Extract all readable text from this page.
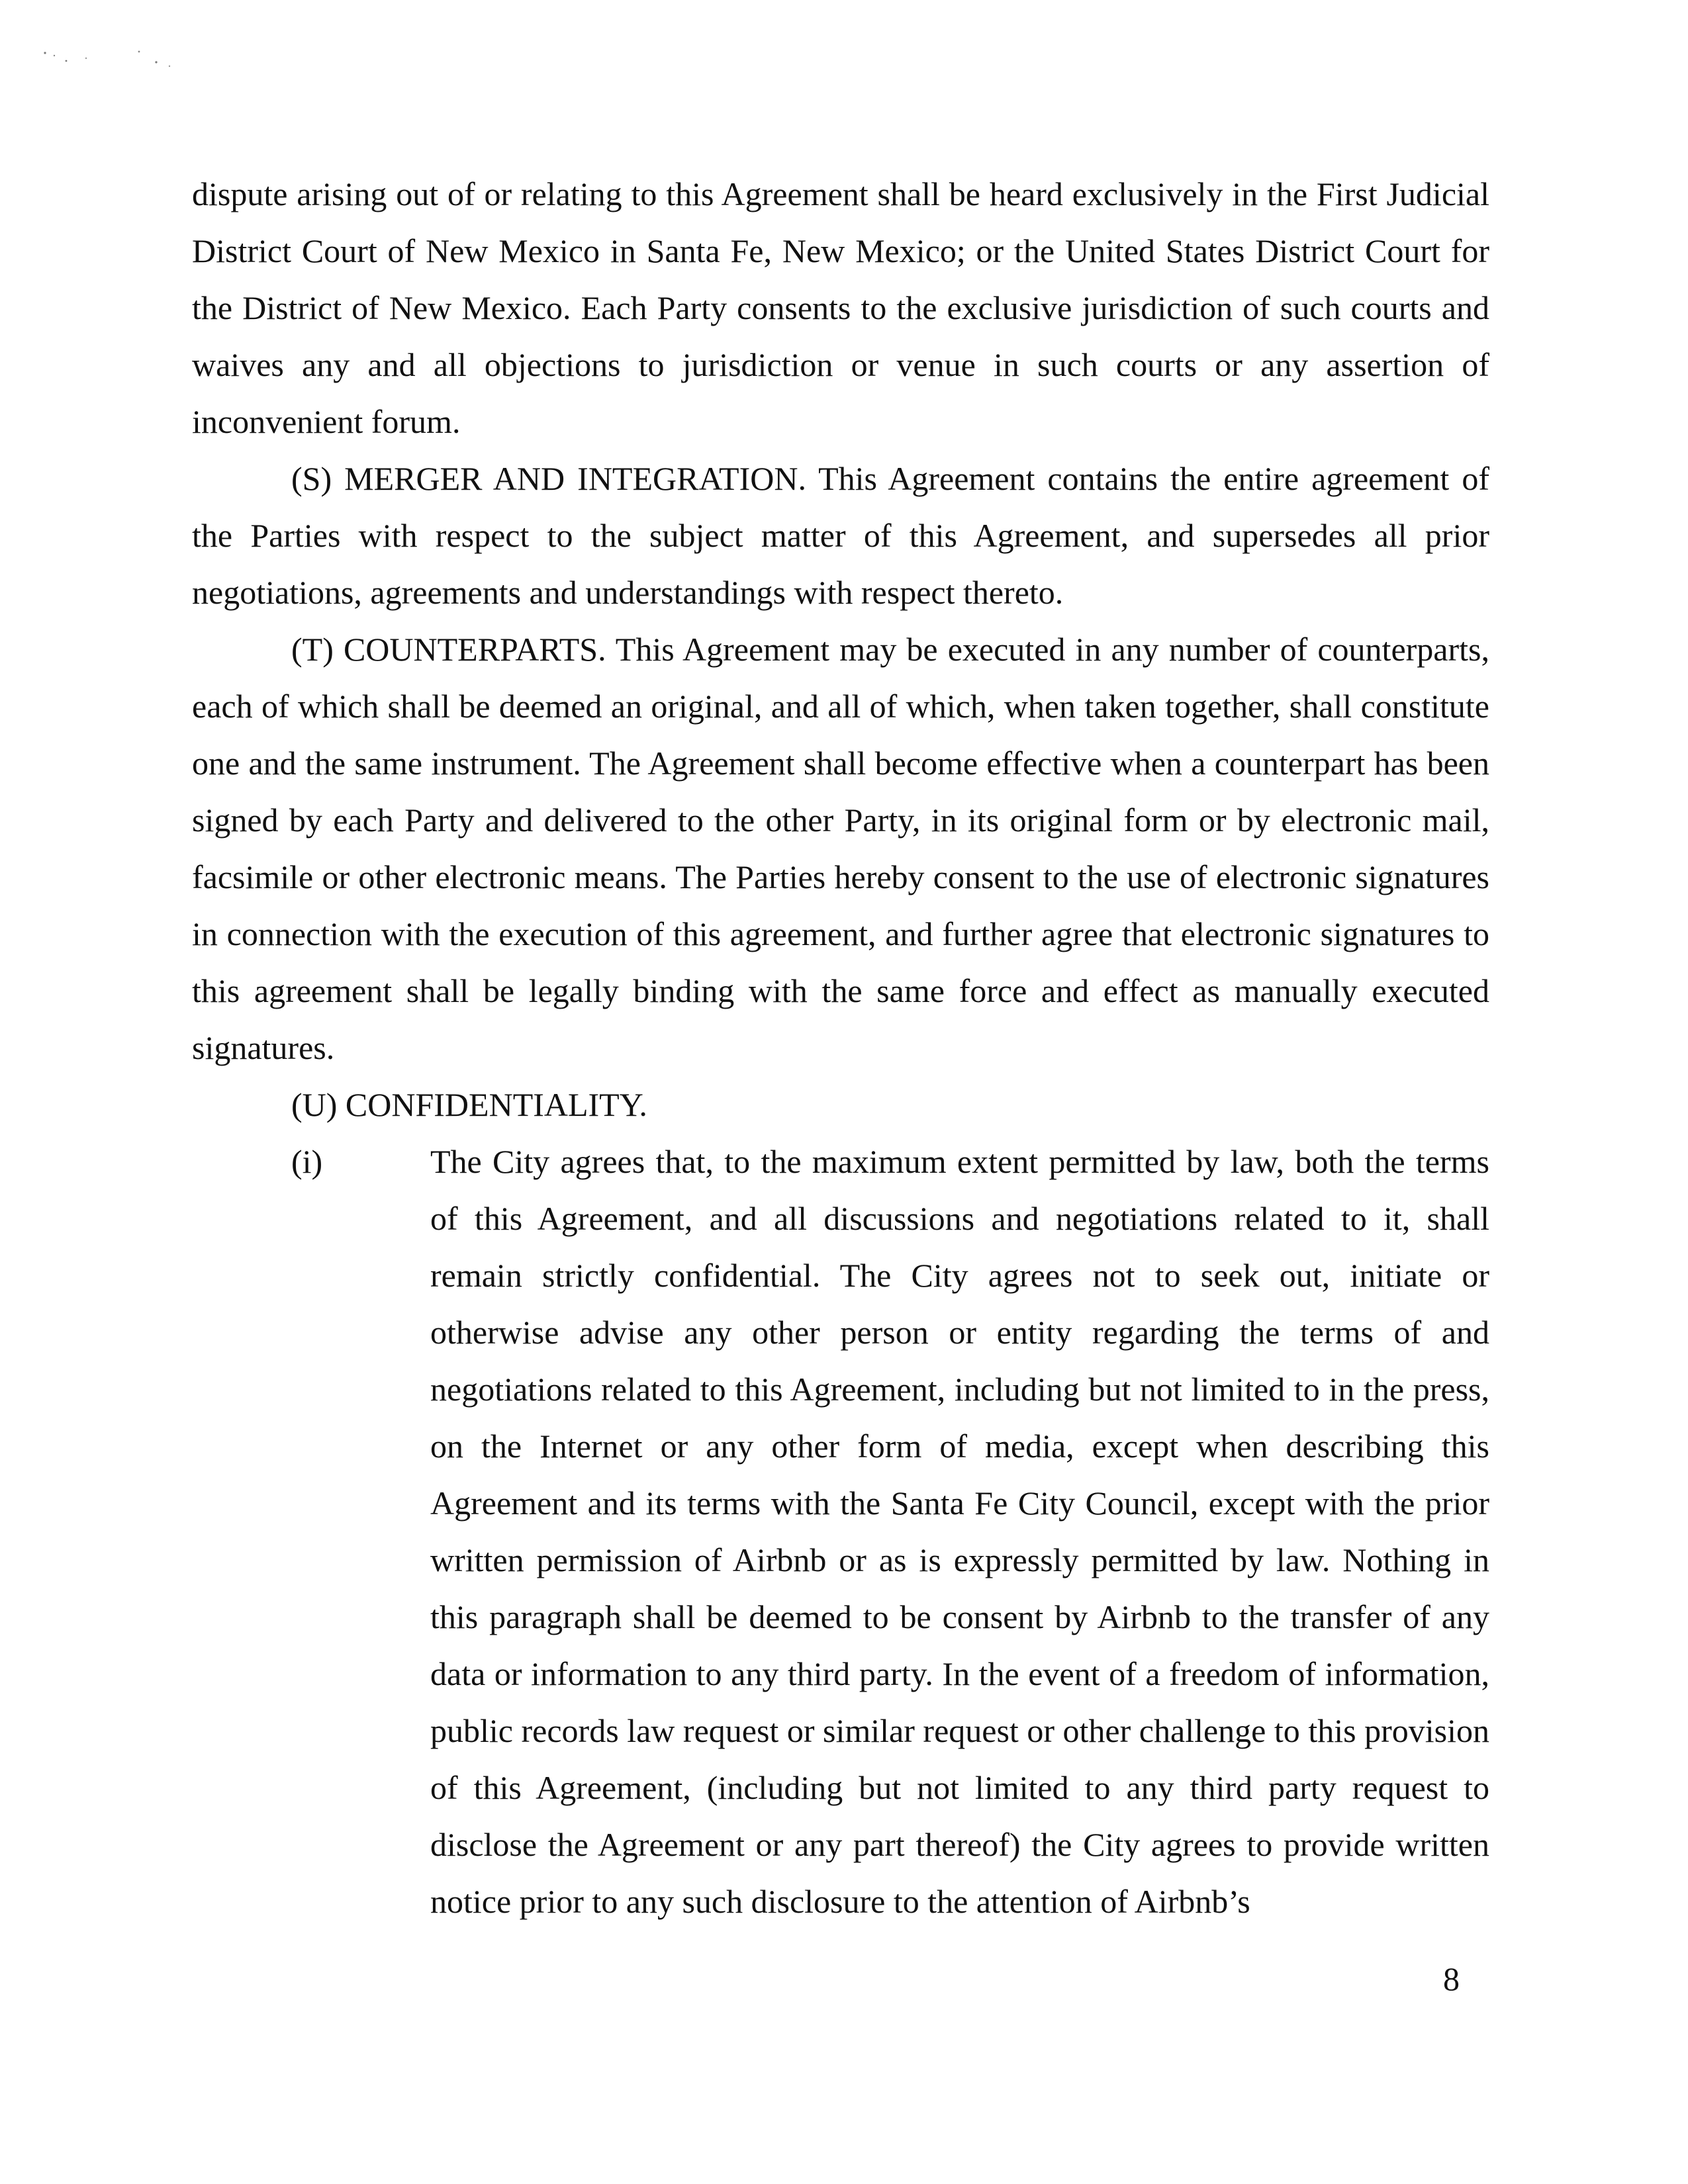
dispute arising out of or relating to this Agreement shall be heard exclusively in the First Judicial District Court of New Mexico in Santa Fe, New Mexico; or the United States District Court for the District of New Mexico. Each Party consents to the exclusive jurisdiction of such courts and waives any and all objections to jurisdiction or venue in such courts or any assertion of inconvenient forum.

(S) MERGER AND INTEGRATION. This Agreement contains the entire agreement of the Parties with respect to the subject matter of this Agreement, and supersedes all prior negotiations, agreements and understandings with respect thereto.

(T) COUNTERPARTS. This Agreement may be executed in any number of counterparts, each of which shall be deemed an original, and all of which, when taken together, shall constitute one and the same instrument. The Agreement shall become effective when a counterpart has been signed by each Party and delivered to the other Party, in its original form or by electronic mail, facsimile or other electronic means. The Parties hereby consent to the use of electronic signatures in connection with the execution of this agreement, and further agree that electronic signatures to this agreement shall be legally binding with the same force and effect as manually executed signatures.

(U) CONFIDENTIALITY.

(i)	The City agrees that, to the maximum extent permitted by law, both the terms of this Agreement, and all discussions and negotiations related to it, shall remain strictly confidential. The City agrees not to seek out, initiate or otherwise advise any other person or entity regarding the terms of and negotiations related to this Agreement, including but not limited to in the press, on the Internet or any other form of media, except when describing this Agreement and its terms with the Santa Fe City Council, except with the prior written permission of Airbnb or as is expressly permitted by law. Nothing in this paragraph shall be deemed to be consent by Airbnb to the transfer of any data or information to any third party. In the event of a freedom of information, public records law request or similar request or other challenge to this provision of this Agreement, (including but not limited to any third party request to disclose the Agreement or any part thereof) the City agrees to provide written notice prior to any such disclosure to the attention of Airbnb’s
8
